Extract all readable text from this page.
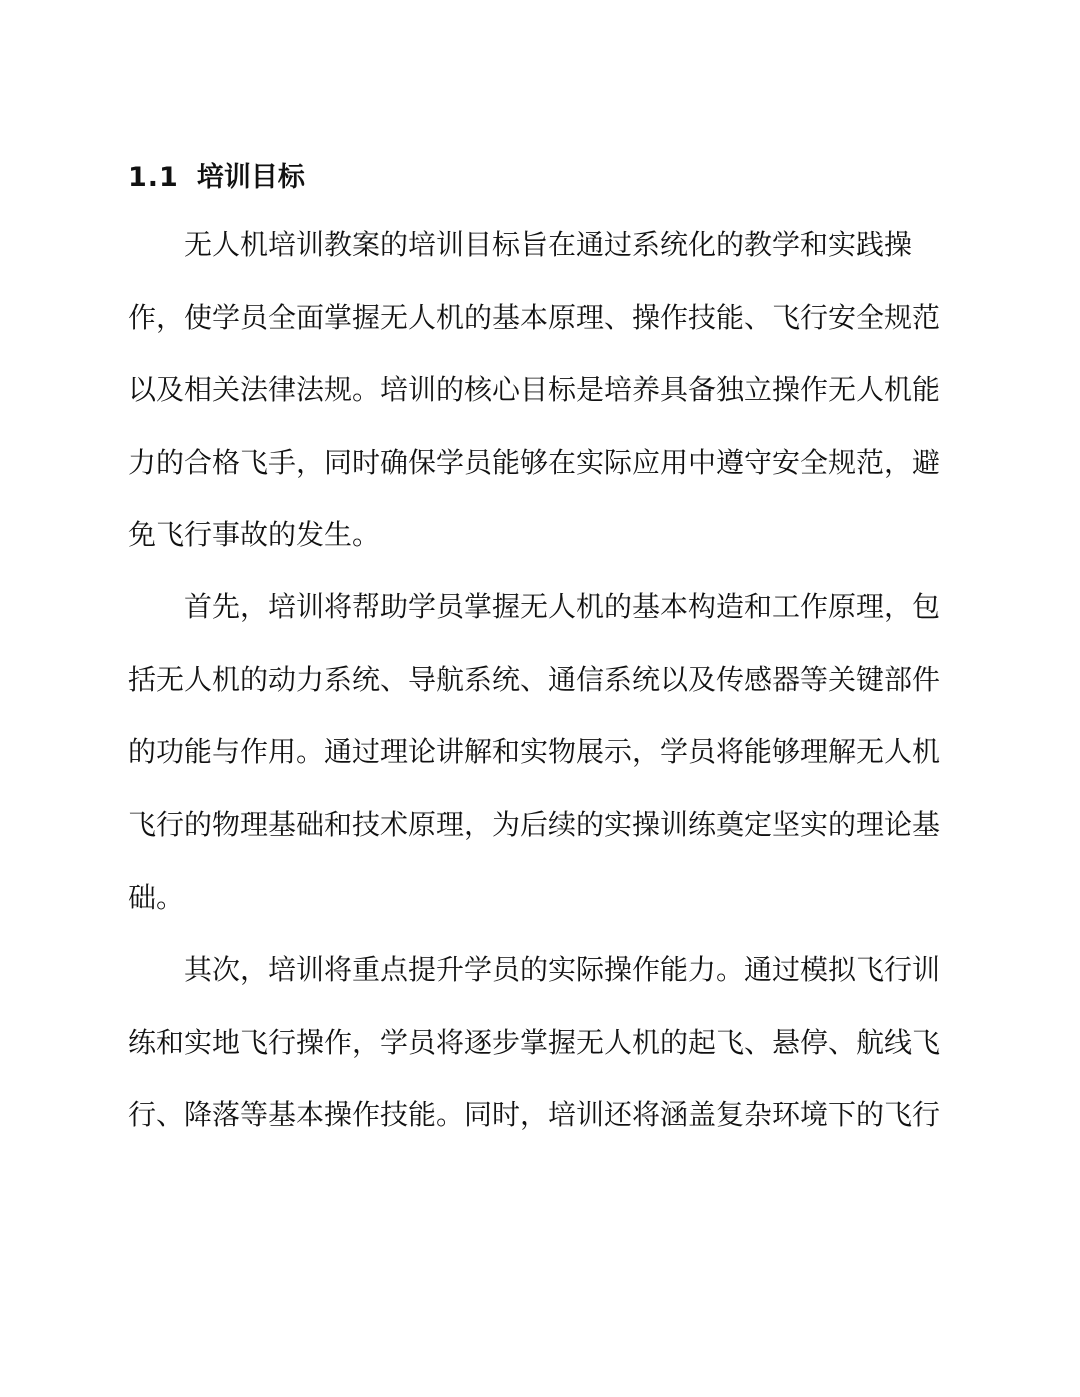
1.1 培训目标
无人机培训教案的培训目标旨在通过系统化的教学和实践操
作，使学员全面掌握无人机的基本原理、操作技能、飞行安全规范
以及相关法律法规。培训的核心目标是培养具备独立操作无人机能
力的合格飞手，同时确保学员能够在实际应用中遵守安全规范，避
免飞行事故的发生。
首先，培训将帮助学员掌握无人机的基本构造和工作原理，包
括无人机的动力系统、导航系统、通信系统以及传感器等关键部件
的功能与作用。通过理论讲解和实物展示，学员将能够理解无人机
飞行的物理基础和技术原理，为后续的实操训练奠定坚实的理论基
础。
其次，培训将重点提升学员的实际操作能力。通过模拟飞行训
练和实地飞行操作，学员将逐步掌握无人机的起飞、悬停、航线飞
行、降落等基本操作技能。同时，培训还将涵盖复杂环境下的飞行
